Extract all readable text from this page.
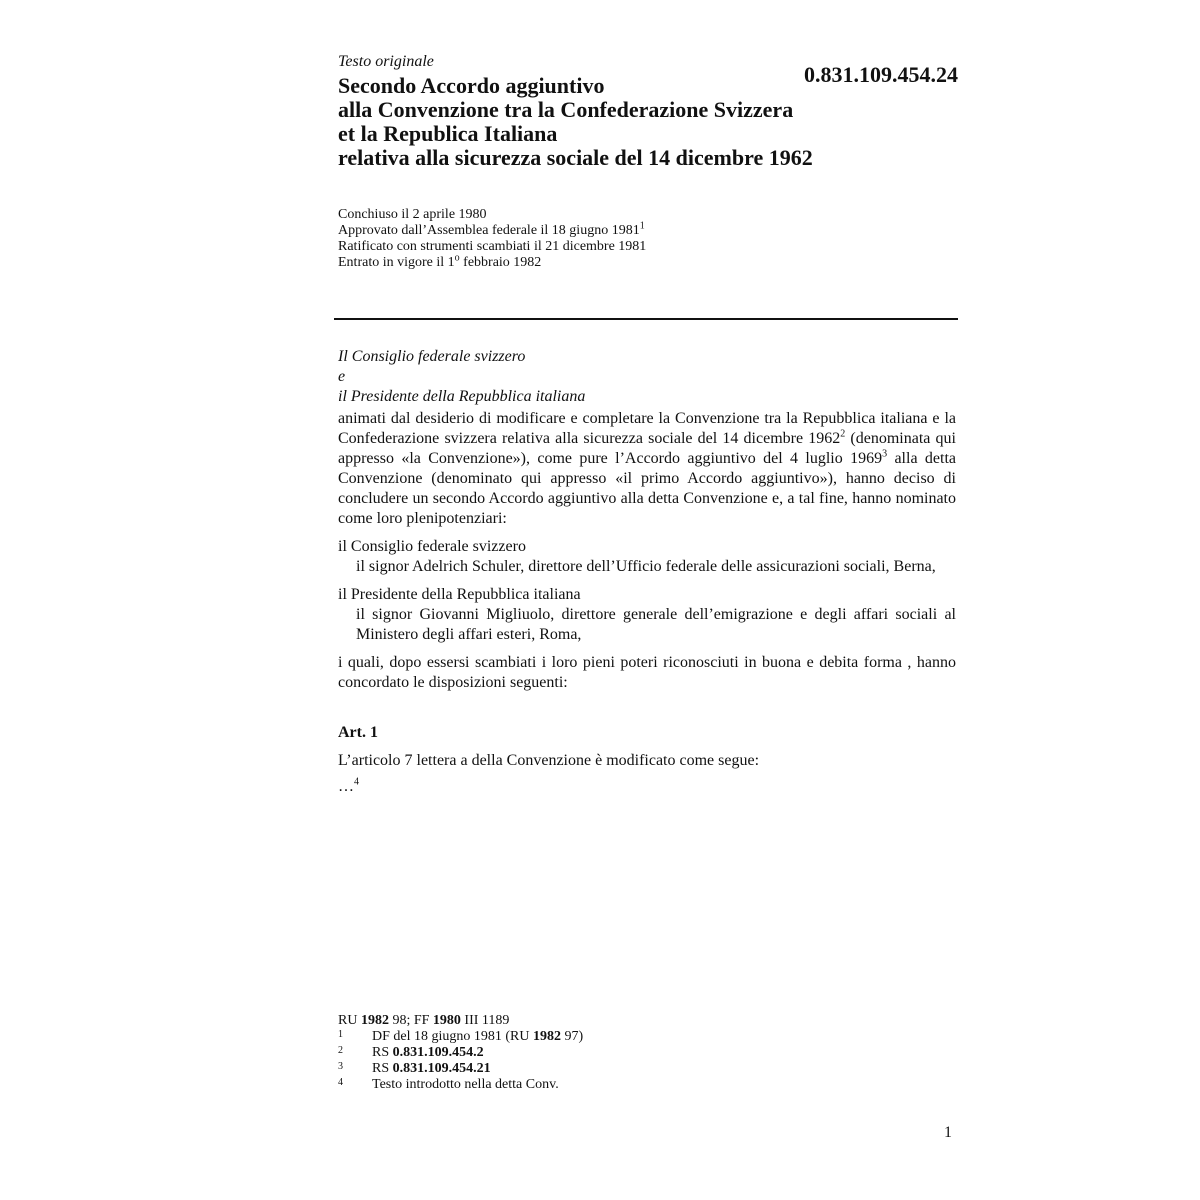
Testo originale
0.831.109.454.24
Secondo Accordo aggiuntivo
alla Convenzione tra la Confederazione Svizzera
et la Republica Italiana
relativa alla sicurezza sociale del 14 dicembre 1962
Conchiuso il 2 aprile 1980
Approvato dall’Assemblea federale il 18 giugno 1981$^1$
Ratificato con strumenti scambiati il 21 dicembre 1981
Entrato in vigore il 1$^o$ febbraio 1982
Il Consiglio federale svizzero
e
il Presidente della Repubblica italiana
animati dal desiderio di modificare e completare la Convenzione tra la Repubblica italiana e la Confederazione svizzera relativa alla sicurezza sociale del 14 dicembre 1962$^2$ (denominata qui appresso «la Convenzione»), come pure l’Accordo aggiuntivo del 4 luglio 1969$^3$ alla detta Convenzione (denominato qui appresso «il primo Accordo aggiuntivo»), hanno deciso di concludere un secondo Accordo aggiuntivo alla detta Convenzione e, a tal fine, hanno nominato come loro plenipotenziari:
il Consiglio federale svizzero
il signor Adelrich Schuler, direttore dell’Ufficio federale delle assicurazioni sociali, Berna,
il Presidente della Repubblica italiana
il signor Giovanni Migliuolo, direttore generale dell’emigrazione e degli affari sociali al Ministero degli affari esteri, Roma,
i quali, dopo essersi scambiati i loro pieni poteri riconosciuti in buona e debita forma , hanno concordato le disposizioni seguenti:
Art. 1
L’articolo 7 lettera a della Convenzione è modificato come segue:
…$^4$
RU 1982 98; FF 1980 III 1189
1 DF del 18 giugno 1981 (RU 1982 97)
2 RS 0.831.109.454.2
3 RS 0.831.109.454.21
4 Testo introdotto nella detta Conv.
1
